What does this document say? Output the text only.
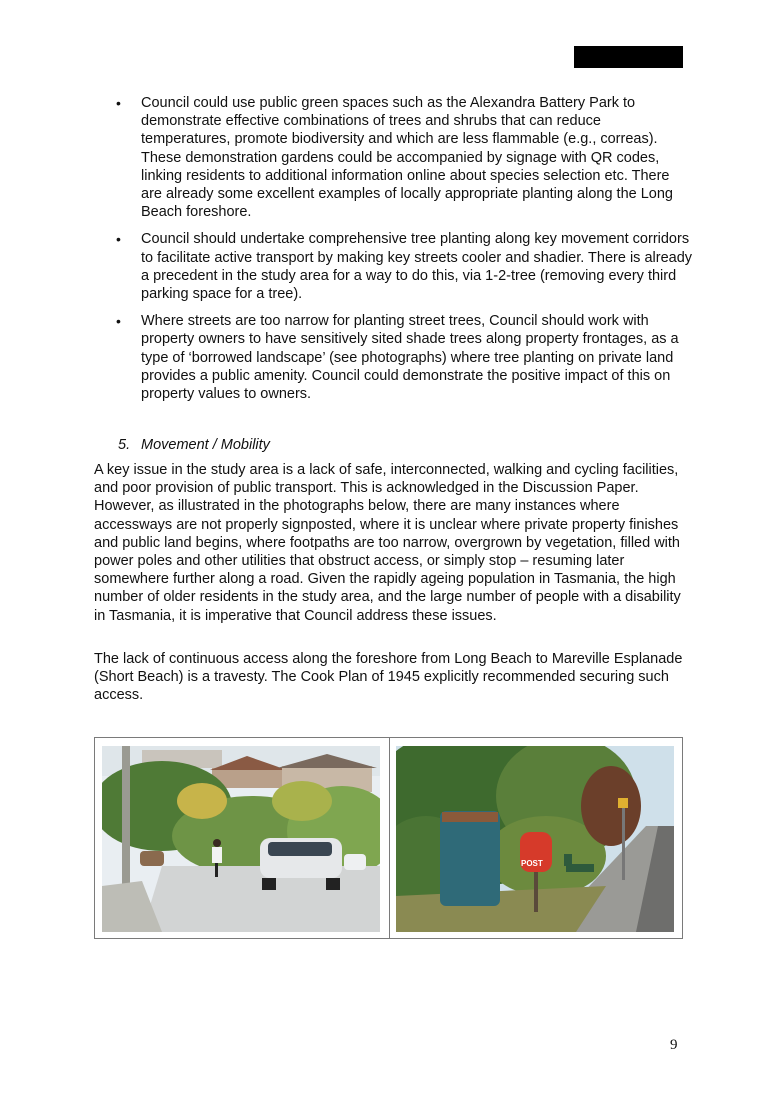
• Council could use public green spaces such as the Alexandra Battery Park to demonstrate effective combinations of trees and shrubs that can reduce temperatures, promote biodiversity and which are less flammable (e.g., correas). These demonstration gardens could be accompanied by signage with QR codes, linking residents to additional information online about species selection etc. There are already some excellent examples of locally appropriate planting along the Long Beach foreshore.
• Council should undertake comprehensive tree planting along key movement corridors to facilitate active transport by making key streets cooler and shadier. There is already a precedent in the study area for a way to do this, via 1-2-tree (removing every third parking space for a tree).
• Where streets are too narrow for planting street trees, Council should work with property owners to have sensitively sited shade trees along property frontages, as a type of ‘borrowed landscape’ (see photographs) where tree planting on private land provides a public amenity. Council could demonstrate the positive impact of this on property values to owners.
5. Movement / Mobility

A key issue in the study area is a lack of safe, interconnected, walking and cycling facilities, and poor provision of public transport. This is acknowledged in the Discussion Paper. However, as illustrated in the photographs below, there are many instances where accessways are not properly signposted, where it is unclear where private property finishes and public land begins, where footpaths are too narrow, overgrown by vegetation, filled with power poles and other utilities that obstruct access, or simply stop – resuming later somewhere further along a road. Given the rapidly ageing population in Tasmania, the high number of older residents in the study area, and the large number of people with a disability in Tasmania, it is imperative that Council address these issues.

The lack of continuous access along the foreshore from Long Beach to Mareville Esplanade (Short Beach) is a travesty. The Cook Plan of 1945 explicitly recommended securing such access.

POST
9
